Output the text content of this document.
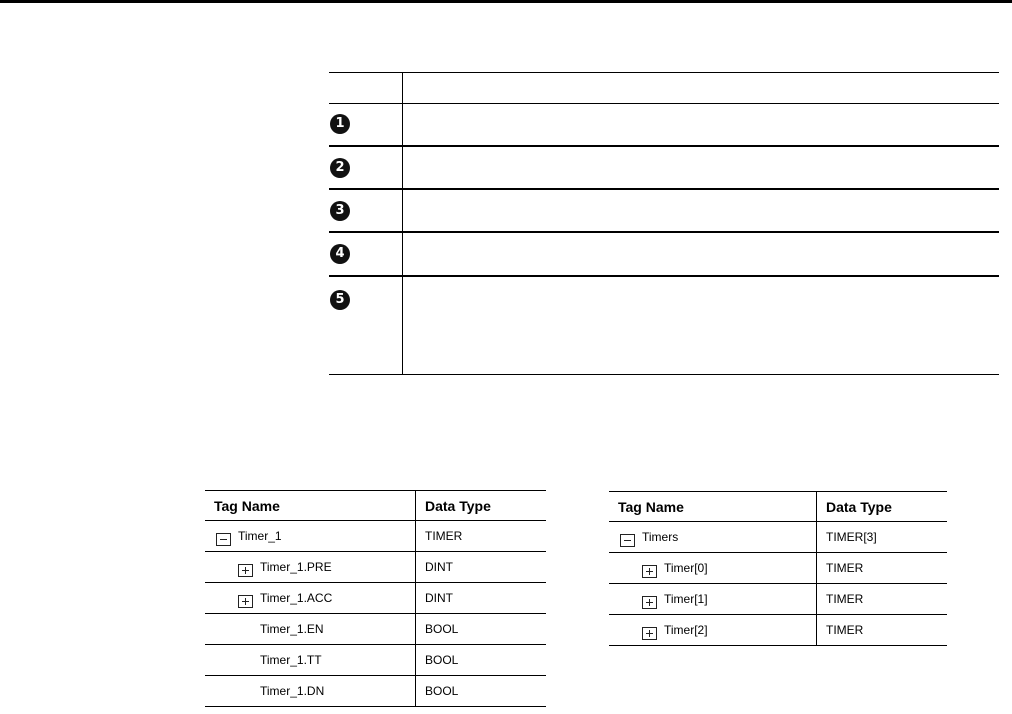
1
2
3
4
5
Tag Name	Data Type

Timer_1	TIMER

Timer_1.PRE	DINT

Timer_1.ACC	DINT

Timer_1.EN	BOOL

Timer_1.TT	BOOL

Timer_1.DN	BOOL
Tag Name	Data Type

Timers	TIMER[3]

Timer[0]	TIMER

Timer[1]	TIMER

Timer[2]	TIMER
